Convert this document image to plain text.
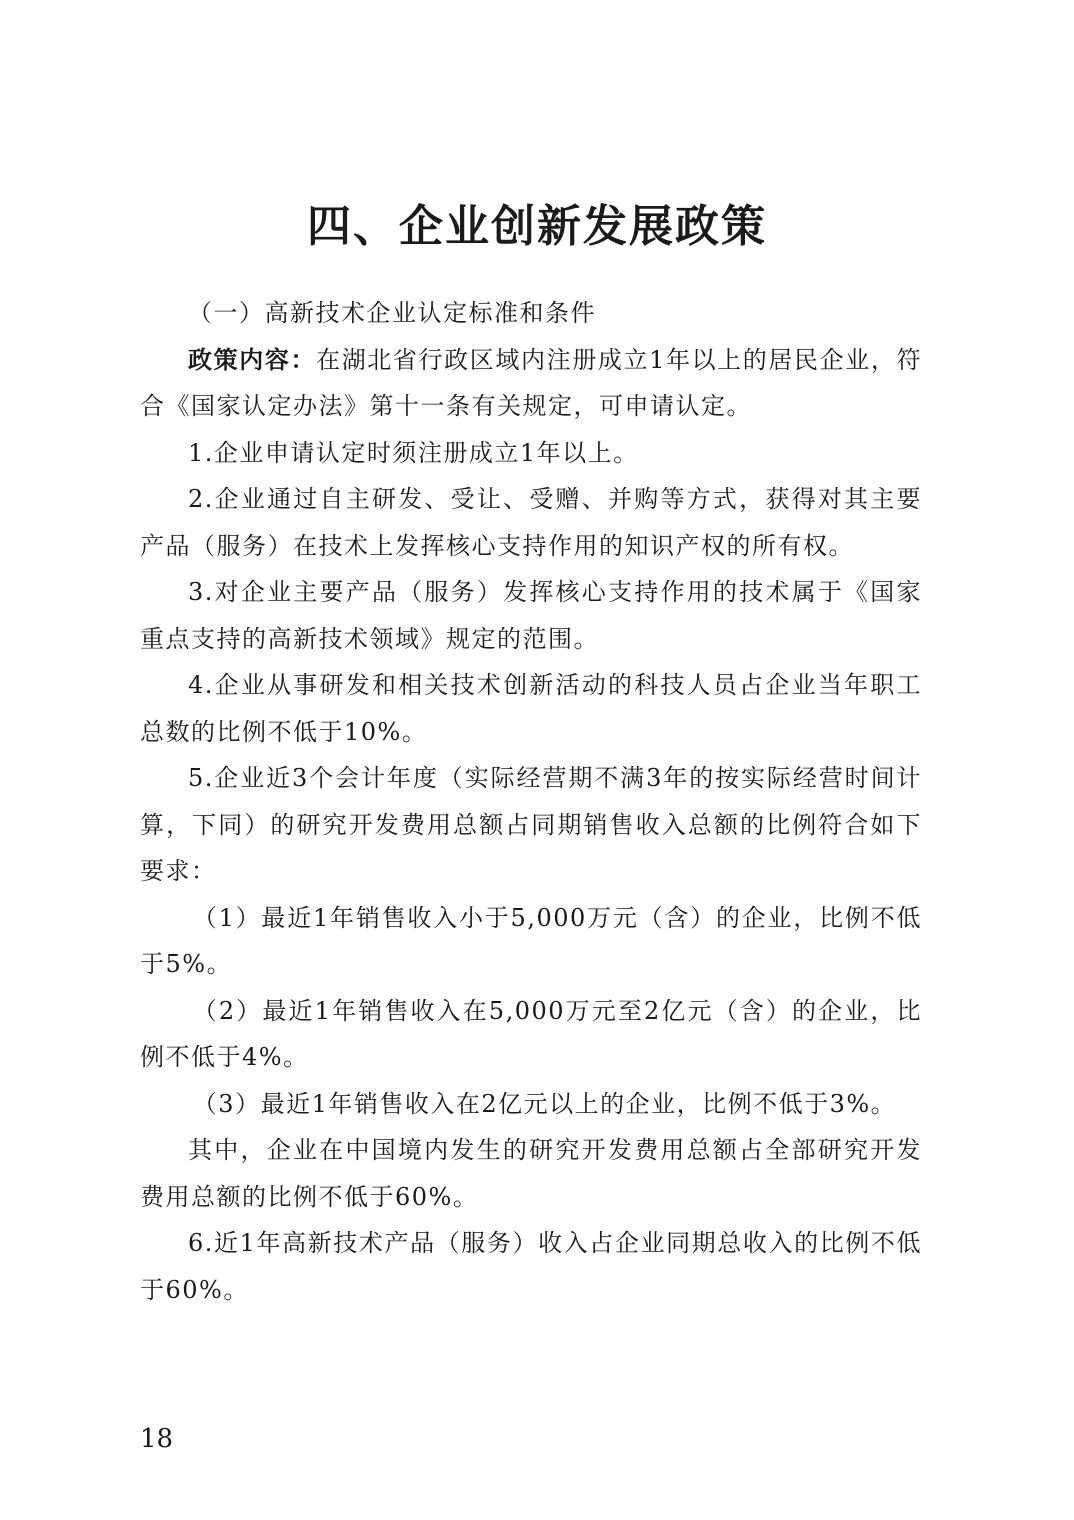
四、企业创新发展政策

（一）高新技术企业认定标准和条件

政策内容：在湖北省行政区域内注册成立1年以上的居民企业，符合《国家认定办法》第十一条有关规定，可申请认定。

1.企业申请认定时须注册成立1年以上。

2.企业通过自主研发、受让、受赠、并购等方式，获得对其主要产品（服务）在技术上发挥核心支持作用的知识产权的所有权。

3.对企业主要产品（服务）发挥核心支持作用的技术属于《国家重点支持的高新技术领域》规定的范围。

4.企业从事研发和相关技术创新活动的科技人员占企业当年职工总数的比例不低于10%。

5.企业近3个会计年度（实际经营期不满3年的按实际经营时间计算，下同）的研究开发费用总额占同期销售收入总额的比例符合如下要求：

（1）最近1年销售收入小于5,000万元（含）的企业，比例不低于5%。

（2）最近1年销售收入在5,000万元至2亿元（含）的企业，比例不低于4%。

（3）最近1年销售收入在2亿元以上的企业，比例不低于3%。

其中，企业在中国境内发生的研究开发费用总额占全部研究开发费用总额的比例不低于60%。

6.近1年高新技术产品（服务）收入占企业同期总收入的比例不低于60%。

18
